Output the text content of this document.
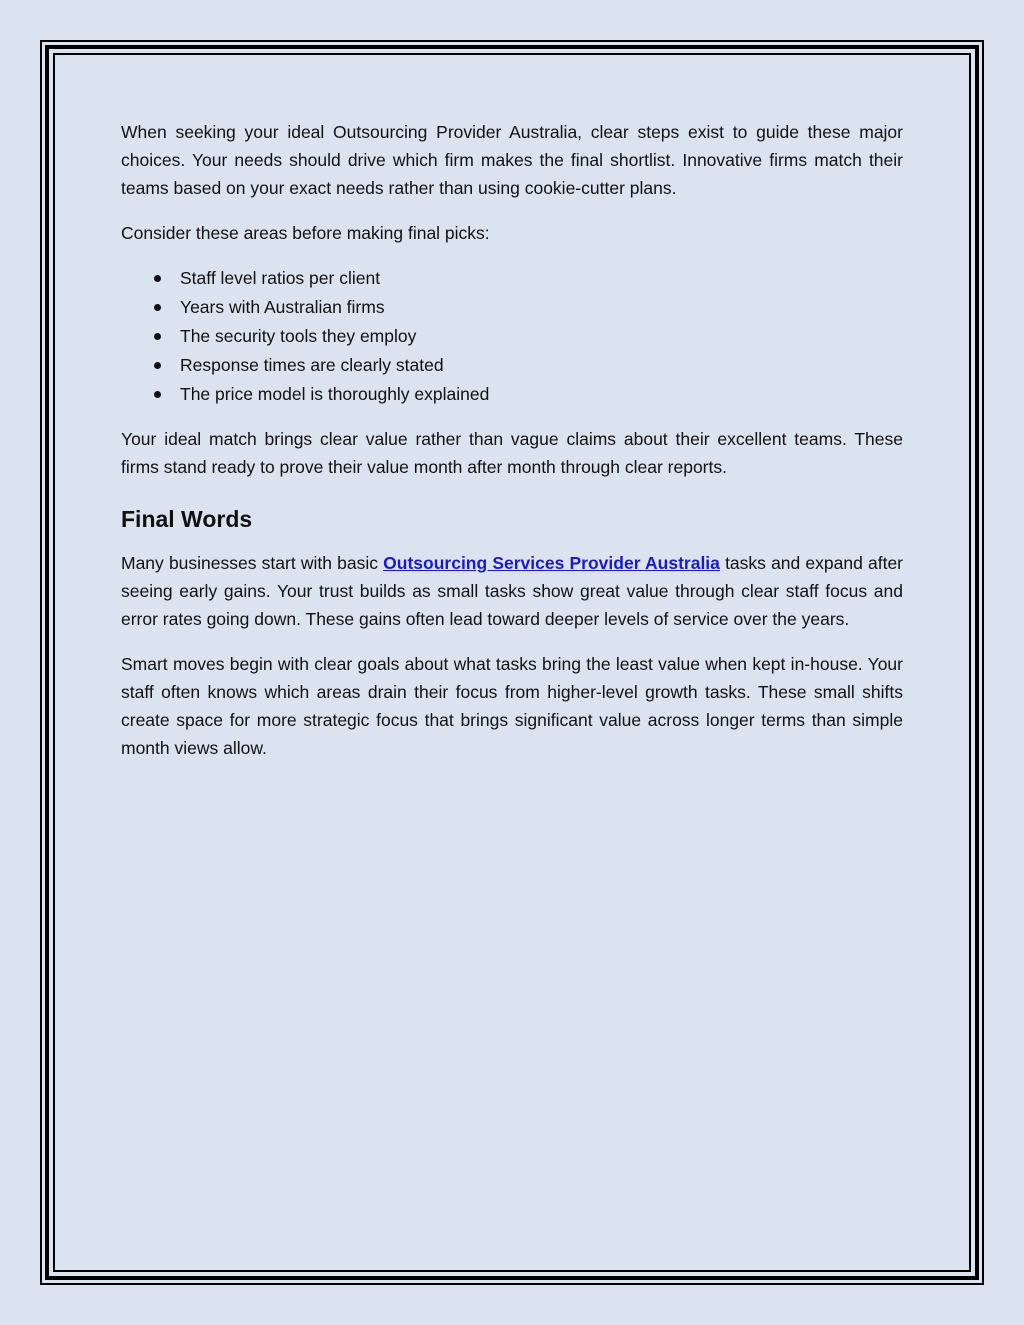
When seeking your ideal Outsourcing Provider Australia, clear steps exist to guide these major choices. Your needs should drive which firm makes the final shortlist. Innovative firms match their teams based on your exact needs rather than using cookie-cutter plans.

Consider these areas before making final picks:

Staff level ratios per client
Years with Australian firms
The security tools they employ
Response times are clearly stated
The price model is thoroughly explained

Your ideal match brings clear value rather than vague claims about their excellent teams. These firms stand ready to prove their value month after month through clear reports.

Final Words

Many businesses start with basic Outsourcing Services Provider Australia tasks and expand after seeing early gains. Your trust builds as small tasks show great value through clear staff focus and error rates going down. These gains often lead toward deeper levels of service over the years.

Smart moves begin with clear goals about what tasks bring the least value when kept in-house. Your staff often knows which areas drain their focus from higher-level growth tasks. These small shifts create space for more strategic focus that brings significant value across longer terms than simple month views allow.
